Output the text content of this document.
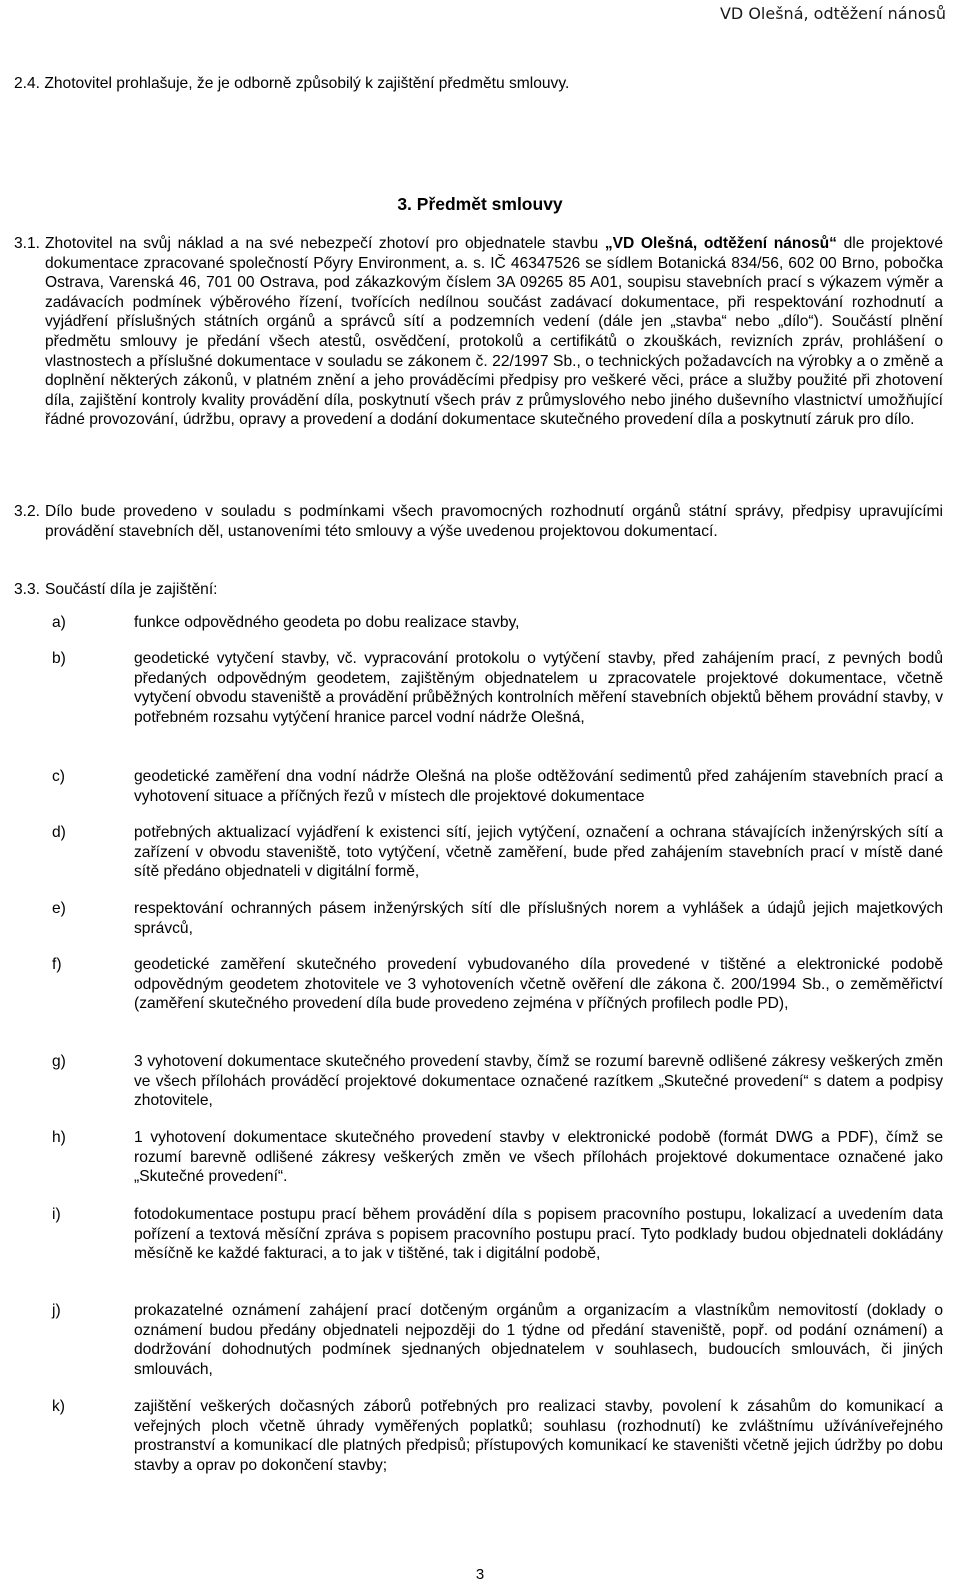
VD Olešná, odtěžení nánosů

2.4. Zhotovitel prohlašuje, že je odborně způsobilý k zajištění předmětu smlouvy.

3. Předmět smlouvy
3.1. Zhotovitel na svůj náklad a na své nebezpečí zhotoví pro objednatele stavbu „VD Olešná, odtěžení nánosů“ dle projektové dokumentace zpracované společností Pőyry Environment, a. s. IČ 46347526 se sídlem Botanická 834/56, 602 00 Brno, pobočka Ostrava, Varenská 46, 701 00 Ostrava, pod zákazkovým číslem 3A 09265 85 A01, soupisu stavebních prací s výkazem výměr a zadávacích podmínek výběrového řízení, tvořících nedílnou součást zadávací dokumentace, při respektování rozhodnutí a vyjádření příslušných státních orgánů a správců sítí a podzemních vedení (dále jen „stavba“ nebo „dílo“). Součástí plnění předmětu smlouvy je předání všech atestů, osvědčení, protokolů a certifikátů o zkouškách, revizních zpráv, prohlášení o vlastnostech a příslušné dokumentace v souladu se zákonem č. 22/1997 Sb., o technických požadavcích na výrobky a o změně a doplnění některých zákonů, v platném znění a jeho prováděcími předpisy pro veškeré věci, práce a služby použité při zhotovení díla, zajištění kontroly kvality provádění díla, poskytnutí všech práv z průmyslového nebo jiného duševního vlastnictví umožňující řádné provozování, údržbu, opravy a provedení a dodání dokumentace skutečného provedení díla a poskytnutí záruk pro dílo.

3.2. Dílo bude provedeno v souladu s podmínkami všech pravomocných rozhodnutí orgánů státní správy, předpisy upravujícími provádění stavebních děl, ustanoveními této smlouvy a výše uvedenou projektovou dokumentací.

3.3. Součástí díla je zajištění:

a)	funkce odpovědného geodeta po dobu realizace stavby,

b)	geodetické vytyčení stavby, vč. vypracování protokolu o vytýčení stavby, před zahájením prací, z pevných bodů předaných odpovědným geodetem, zajištěným objednatelem u zpracovatele projektové dokumentace, včetně vytyčení obvodu staveniště a provádění průběžných kontrolních měření stavebních objektů během provádní stavby, v potřebném rozsahu vytýčení hranice parcel vodní nádrže Olešná,

c)	geodetické zaměření dna vodní nádrže Olešná na ploše odtěžování sedimentů před zahájením stavebních prací a vyhotovení situace a příčných řezů v místech dle projektové dokumentace

d)	potřebných aktualizací vyjádření k existenci sítí, jejich vytýčení, označení a ochrana stávajících inženýrských sítí a zařízení v obvodu staveniště, toto vytýčení, včetně zaměření, bude před zahájením stavebních prací v místě dané sítě předáno objednateli v digitální formě,

e)	respektování ochranných pásem inženýrských sítí dle příslušných norem a vyhlášek a údajů jejich majetkových správců,

f)	geodetické zaměření skutečného provedení vybudovaného díla provedené v tištěné a elektronické podobě odpovědným geodetem zhotovitele ve 3 vyhotoveních včetně ověření dle zákona č. 200/1994 Sb., o zeměměřictví (zaměření skutečného provedení díla bude provedeno zejména v příčných profilech podle PD),

g)	3 vyhotovení dokumentace skutečného provedení stavby, čímž se rozumí barevně odlišené zákresy veškerých změn ve všech přílohách prováděcí projektové dokumentace označené razítkem „Skutečné provedení“ s datem a podpisy zhotovitele,

h)	1 vyhotovení dokumentace skutečného provedení stavby v elektronické podobě (formát DWG a PDF), čímž se rozumí barevně odlišené zákresy veškerých změn ve všech přílohách projektové dokumentace označené jako „Skutečné provedení“.

i)	fotodokumentace postupu prací během provádění díla s popisem pracovního postupu, lokalizací a uvedením data pořízení a textová měsíční zpráva s popisem pracovního postupu prací. Tyto podklady budou objednateli dokládány měsíčně ke každé fakturaci, a to jak v tištěné, tak i digitální podobě,

j)	prokazatelné oznámení zahájení prací dotčeným orgánům a organizacím a vlastníkům nemovitostí (doklady o oznámení budou předány objednateli nejpozději do 1 týdne od předání staveniště, popř. od podání oznámení) a dodržování dohodnutých podmínek sjednaných objednatelem v souhlasech, budoucích smlouvách, či jiných smlouvách,

k)	zajištění veškerých dočasných záborů potřebných pro realizaci stavby, povolení k zásahům do komunikací a veřejných ploch včetně úhrady vyměřených poplatků; souhlasu (rozhodnutí) ke zvláštnímu užíváníveřejného prostranství a komunikací dle platných předpisů; přístupových komunikací ke staveništi včetně jejich údržby po dobu stavby a oprav po dokončení stavby;

3
